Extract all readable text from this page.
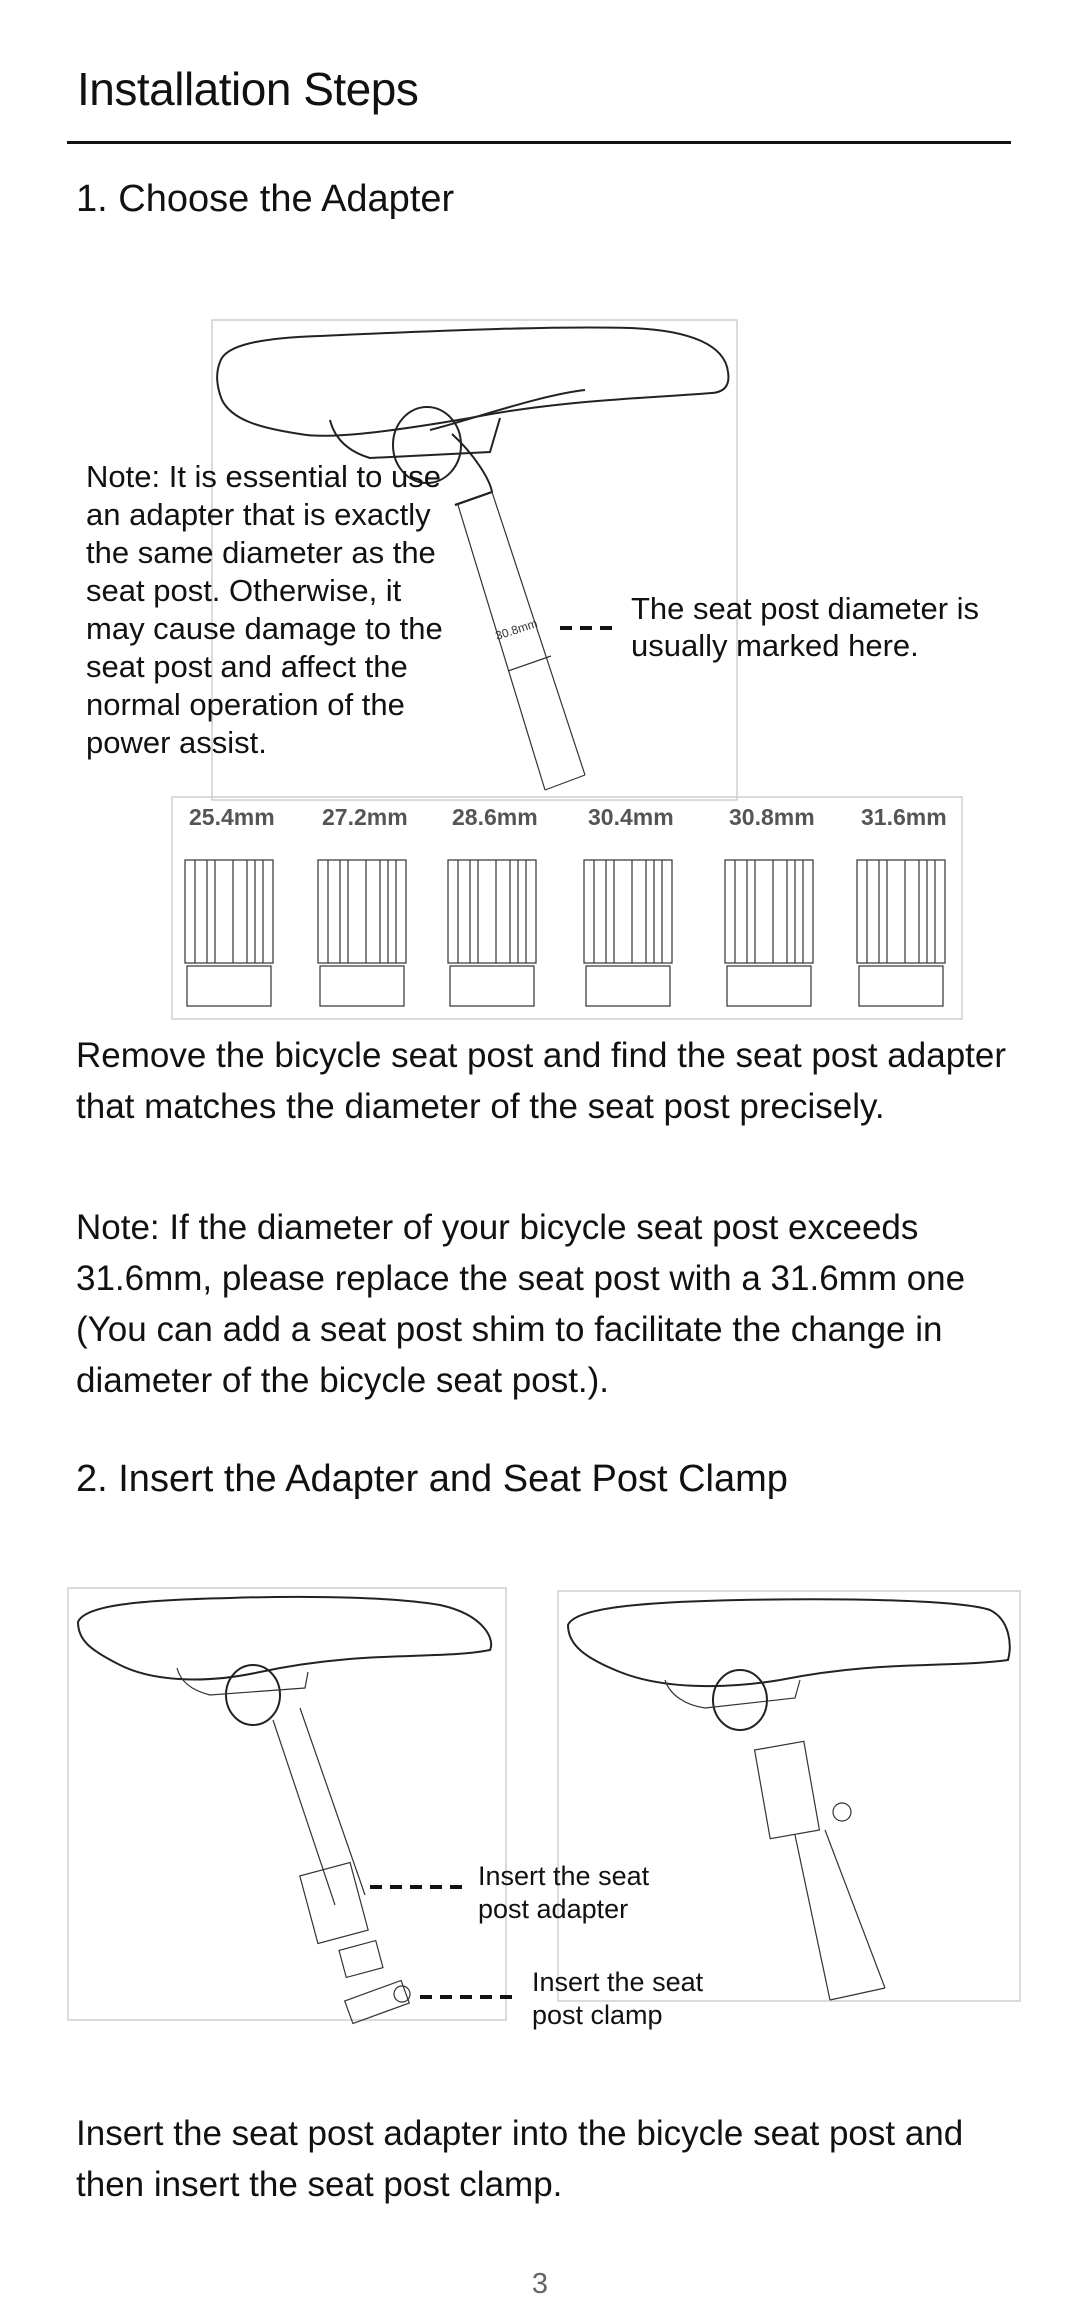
Installation Steps
1. Choose the Adapter
30.8mm
Note: It is essential to use an adapter that is exactly the same diameter as the seat post. Otherwise, it may cause damage to the seat post and affect the normal operation of the power assist.
The seat post diameter is usually marked here.
25.4mm 27.2mm 28.6mm 30.4mm 30.8mm 31.6mm
Remove the bicycle seat post and find the seat post adapter that matches the diameter of the seat post precisely.
Note: If the diameter of your bicycle seat post exceeds 31.6mm, please replace the seat post with a 31.6mm one (You can add a seat post shim to facilitate the change in diameter of the bicycle seat post.).
2. Insert the Adapter and Seat Post Clamp
Insert the seat post adapter
Insert the seat post clamp
Insert the seat post adapter into the bicycle seat post and then insert the seat post clamp.
3
